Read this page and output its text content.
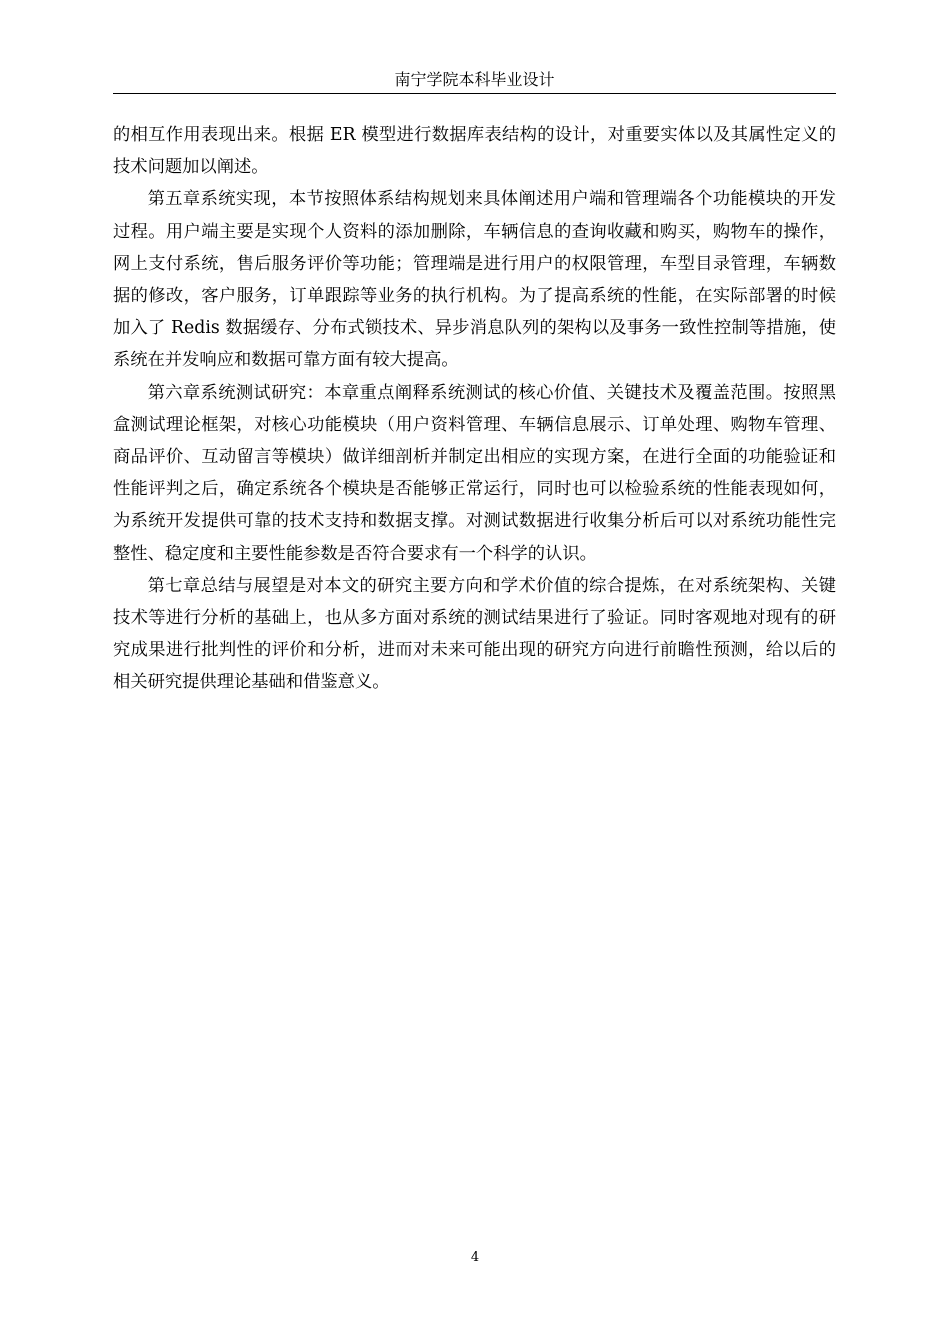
南宁学院本科毕业设计

的相互作用表现出来。根据 ER 模型进行数据库表结构的设计，对重要实体以及其属性定义的技术问题加以阐述。

第五章系统实现，本节按照体系结构规划来具体阐述用户端和管理端各个功能模块的开发过程。用户端主要是实现个人资料的添加删除，车辆信息的查询收藏和购买，购物车的操作，网上支付系统，售后服务评价等功能；管理端是进行用户的权限管理，车型目录管理，车辆数据的修改，客户服务，订单跟踪等业务的执行机构。为了提高系统的性能，在实际部署的时候加入了 Redis 数据缓存、分布式锁技术、异步消息队列的架构以及事务一致性控制等措施，使系统在并发响应和数据可靠方面有较大提高。

第六章系统测试研究：本章重点阐释系统测试的核心价值、关键技术及覆盖范围。按照黑盒测试理论框架，对核心功能模块（用户资料管理、车辆信息展示、订单处理、购物车管理、商品评价、互动留言等模块）做详细剖析并制定出相应的实现方案，在进行全面的功能验证和性能评判之后，确定系统各个模块是否能够正常运行，同时也可以检验系统的性能表现如何，为系统开发提供可靠的技术支持和数据支撑。对测试数据进行收集分析后可以对系统功能性完整性、稳定度和主要性能参数是否符合要求有一个科学的认识。

第七章总结与展望是对本文的研究主要方向和学术价值的综合提炼，在对系统架构、关键技术等进行分析的基础上，也从多方面对系统的测试结果进行了验证。同时客观地对现有的研究成果进行批判性的评价和分析，进而对未来可能出现的研究方向进行前瞻性预测，给以后的相关研究提供理论基础和借鉴意义。

4
